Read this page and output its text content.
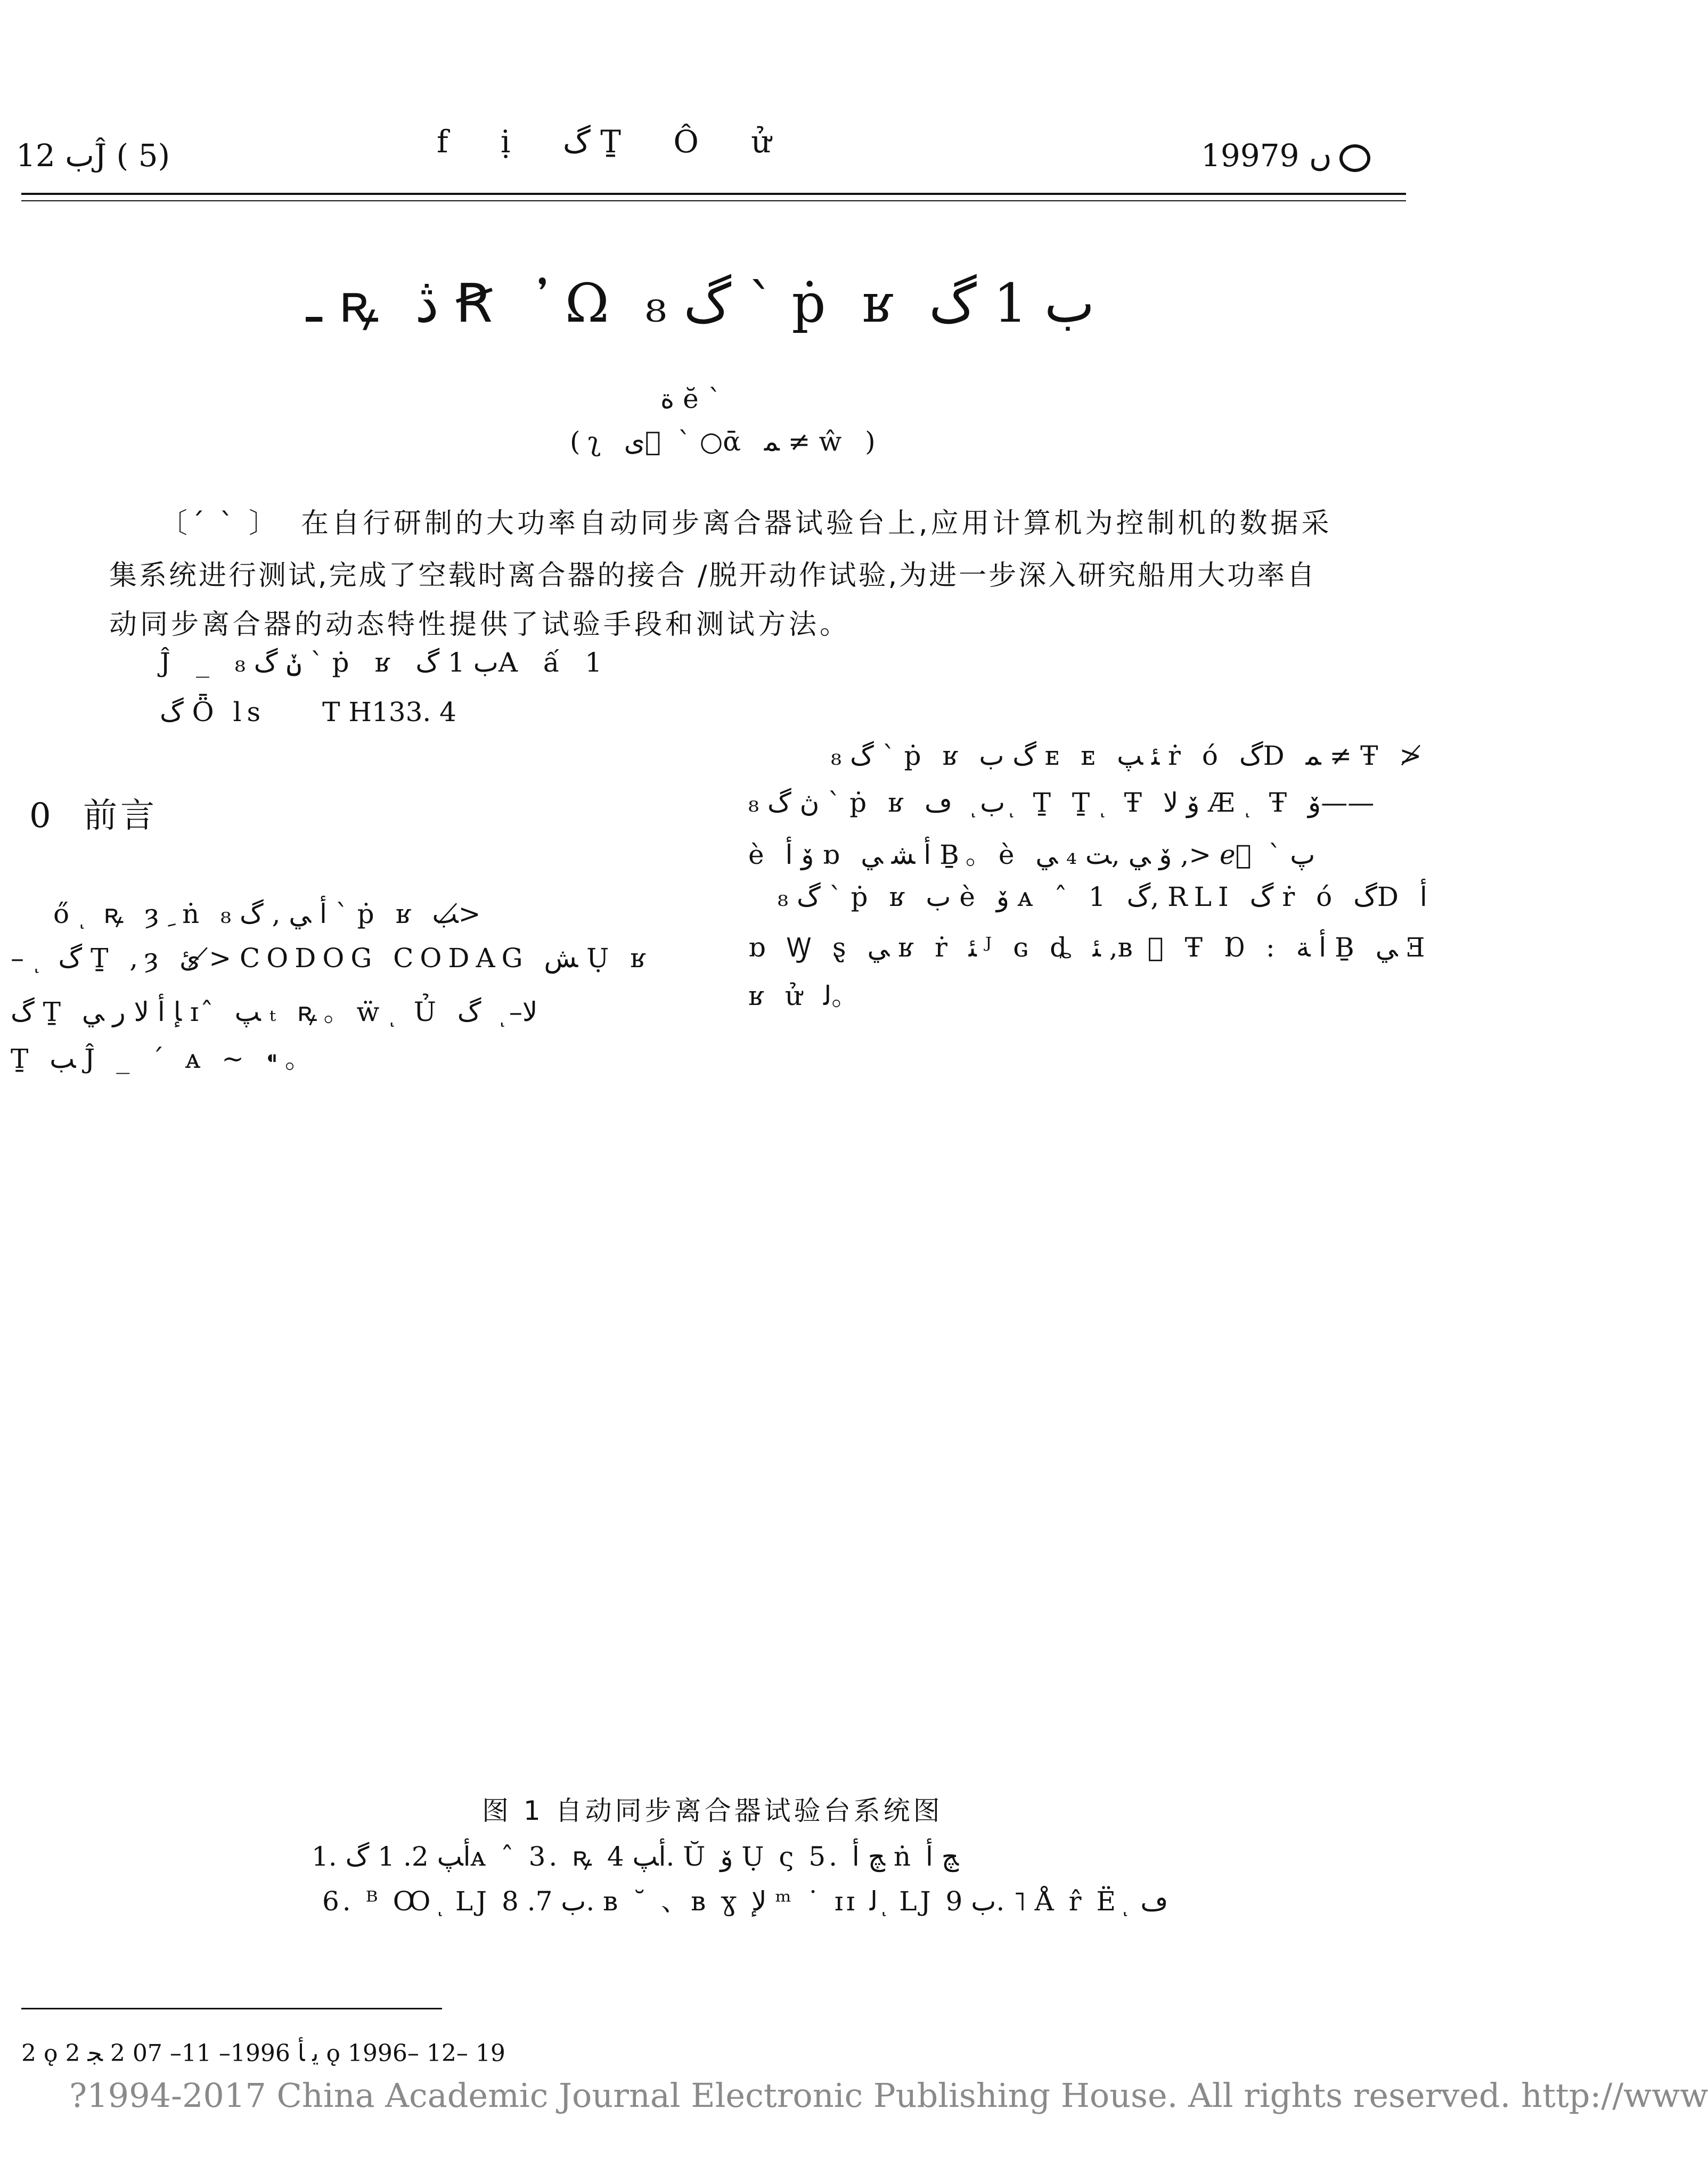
ب 12Ĵ ( 5)	f ị گ Ṯ Ô ử	1997ں 9
ـ ꝶ ڎ Ꞧ ᾿Ω گ ₈ ` ṗ ʁ ب 1 گ
ة ĕ`
(ʅ ی ⃞ ` ○ᾱ ﻤ ≠ ŵ )
〔´ ˋ 〕 在自行研制的大功率自动同步离合器试验台上,应用计算机为控制机的数据采
集系统进行测试,完成了空载时离合器的接合 /脱开动作试验,为进一步深入研究船用大功率自
动同步离合器的动态特性提供了试验手段和测试方法。
Ĵ _ ݩ گ ₈ ` ṗ ʁ ب 1 گA ấ 1
گ Ȫ ls T H133. 4
0 前言
ő ͅ ꝶ ȝ ِ ṅ ﺃ ﻲ , گ ₈ ` ṗ ʁ ﺐ≯
– ͅ گ Ṯ ,ȝ ﺉ ≯ CODOG CODAG ﺶ Ụ ʁ
گ Ṯ ﺈ ﺃ ﻻ ﺭ ﻲ ɪ ̂ ﭗ ₜ ꝶ。ẅ ͅ Ủ ﻻ– ͅ گ
Ṯ ﺐ Ĵ _ ˊ ᴀ ~ ⁌。
گ ₈ ` ṗ ʁ گ ب ᴇ ᴇ ﺌ ﭗ ṙ ó گD ﻤ ≠ Ŧ ≯
ڽ گ ₈ ` ṗ ʁ ب ͅ ڡ ͅ Ṯ Ṯ ͅ Ŧ ﯙ ﻻ Æ ͅ Ŧ ﯙ——
è ﯙ ﺃ ɒ ﺃ ﺸ ﻲ Ḇ。è ﯙ ﻲ ,ﺖ ₄ ﻲ ,> ℯ ⃞ ` ﭖ
گ ₈ ` ṗ ʁ ب è ﯙ ᴀ ˆ 1 گ, RLI گ ṙ ó گD ﺃ
ɒ Ꝡ ȿ ﻲ ʁ ṙ ﺌ ᴶ ɢ ȡ ﺌ ,ʙ ⃞ Ŧ Ɒ : ﺃ ﺔ Ḇ ﻲ Ǝ
ʁ ử ﻟ。
图 1 自动同步离合器试验台系统图
1. ﺃﭗ 2. 1 گᴀ ˆ 3. ꝶ ﺃﭗ 4. Ŭ ﯙ Ụ ς 5. ﭻ ﺃ ṅ ﭻ ﺃ
6. ᴮ Ꝏ ͅ LJ ب 7. 8. ʙ ˘ 、ʙ ɣ ﻹ ᵐ ˙ ɪɪ ﻟ ͅ LJ ب 9. ˥ Å r̂ Ë ͅ ڡ
2 ǫ ﻳ ﺄ 1996– 11– 07 2 ﺠ 2 ǫ 1996– 12– 19
?1994-2017 China Academic Journal Electronic Publishing House. All rights reserved. http://www
